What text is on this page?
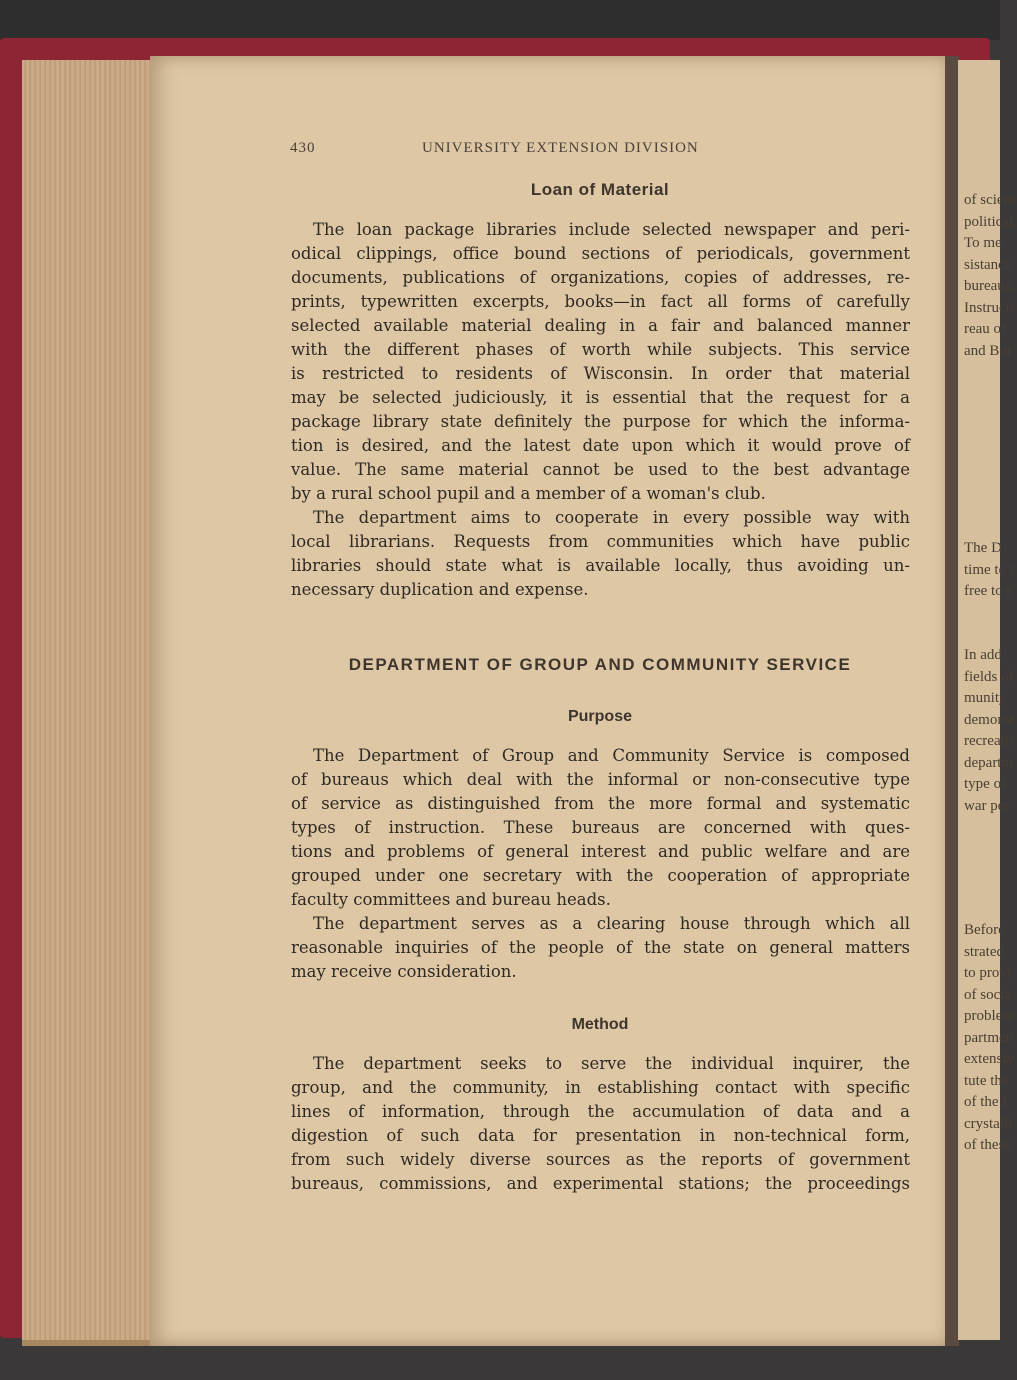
of scient
political,
To me
sistance
bureaus,
Instructi
reau of
and Bur
The D
time to t
free to r
In add
fields of
munity
demonst
recreatic
departm
type of
war per
Before
strated
to provi
of socia
problem
partmen
extensiv
tute the
of the I
crystalli
of these
430	UNIVERSITY EXTENSION DIVISION
Loan of Material
The loan package libraries include selected newspaper and peri-
odical clippings, office bound sections of periodicals, government
documents, publications of organizations, copies of addresses, re-
prints, typewritten excerpts, books—in fact all forms of carefully
selected available material dealing in a fair and balanced manner
with the different phases of worth while subjects. This service
is restricted to residents of Wisconsin. In order that material
may be selected judiciously, it is essential that the request for a
package library state definitely the purpose for which the informa-
tion is desired, and the latest date upon which it would prove of
value. The same material cannot be used to the best advantage
by a rural school pupil and a member of a woman's club.
The department aims to cooperate in every possible way with
local librarians. Requests from communities which have public
libraries should state what is available locally, thus avoiding un-
necessary duplication and expense.
DEPARTMENT OF GROUP AND COMMUNITY SERVICE
Purpose
The Department of Group and Community Service is composed
of bureaus which deal with the informal or non-consecutive type
of service as distinguished from the more formal and systematic
types of instruction. These bureaus are concerned with ques-
tions and problems of general interest and public welfare and are
grouped under one secretary with the cooperation of appropriate
faculty committees and bureau heads.
The department serves as a clearing house through which all
reasonable inquiries of the people of the state on general matters
may receive consideration.
Method
The department seeks to serve the individual inquirer, the
group, and the community, in establishing contact with specific
lines of information, through the accumulation of data and a
digestion of such data for presentation in non-technical form,
from such widely diverse sources as the reports of government
bureaus, commissions, and experimental stations; the proceedings
